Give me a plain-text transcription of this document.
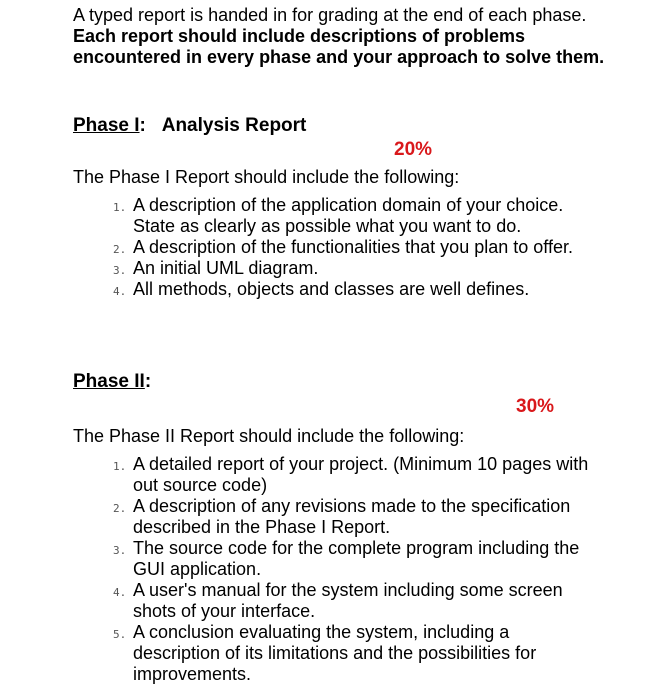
A typed report is handed in for grading at the end of each phase. Each report should include descriptions of problems encountered in every phase and your approach to solve them.
Phase I: Analysis Report
20%
The Phase I Report should include the following:
1. A description of the application domain of your choice. State as clearly as possible what you want to do.
2. A description of the functionalities that you plan to offer.
3. An initial UML diagram.
4. All methods, objects and classes are well defines.
Phase II:
30%
The Phase II Report should include the following:
1. A detailed report of your project. (Minimum 10 pages with out source code)
2. A description of any revisions made to the specification described in the Phase I Report.
3. The source code for the complete program including the GUI application.
4. A user's manual for the system including some screen shots of your interface.
5. A conclusion evaluating the system, including a description of its limitations and the possibilities for improvements.
